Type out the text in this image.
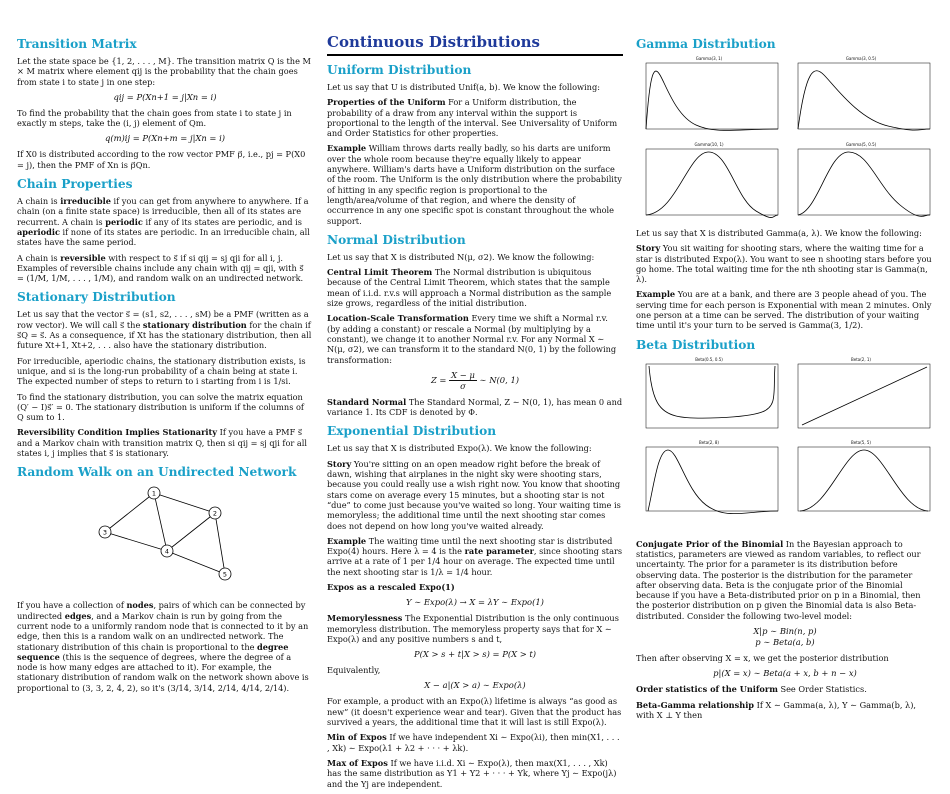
Transition Matrix

Let the state space be {1, 2, . . . , M}. The transition matrix Q is the M × M matrix where element qij is the probability that the chain goes from state i to state j in one step:

qij = P(Xn+1 = j|Xn = i)

To find the probability that the chain goes from state i to state j in exactly m steps, take the (i, j) element of Qm.

q(m)ij = P(Xn+m = j|Xn = i)

If X0 is distributed according to the row vector PMF p⃗, i.e., pj = P(X0 = j), then the PMF of Xn is p⃗Qn.

Chain Properties

A chain is irreducible if you can get from anywhere to anywhere. If a chain (on a finite state space) is irreducible, then all of its states are recurrent. A chain is periodic if any of its states are periodic, and is aperiodic if none of its states are periodic. In an irreducible chain, all states have the same period.

A chain is reversible with respect to s⃗ if si qij = sj qji for all i, j. Examples of reversible chains include any chain with qij = qji, with s⃗ = (1/M, 1/M, . . . , 1/M), and random walk on an undirected network.

Stationary Distribution

Let us say that the vector s⃗ = (s1, s2, . . . , sM) be a PMF (written as a row vector). We will call s⃗ the stationary distribution for the chain if s⃗Q = s⃗. As a consequence, if Xt has the stationary distribution, then all future Xt+1, Xt+2, . . . also have the stationary distribution.

For irreducible, aperiodic chains, the stationary distribution exists, is unique, and si is the long-run probability of a chain being at state i. The expected number of steps to return to i starting from i is 1/si.

To find the stationary distribution, you can solve the matrix equation (Q′ − I)s⃗′ = 0. The stationary distribution is uniform if the columns of Q sum to 1.

Reversibility Condition Implies Stationarity If you have a PMF s⃗ and a Markov chain with transition matrix Q, then si qij = sj qji for all states i, j implies that s⃗ is stationary.

Random Walk on an Undirected Network
1
2
3
4
5

If you have a collection of nodes, pairs of which can be connected by undirected edges, and a Markov chain is run by going from the current node to a uniformly random node that is connected to it by an edge, then this is a random walk on an undirected network. The stationary distribution of this chain is proportional to the degree sequence (this is the sequence of degrees, where the degree of a node is how many edges are attached to it). For example, the stationary distribution of random walk on the network shown above is proportional to (3, 3, 2, 4, 2), so it's (3/14, 3/14, 2/14, 4/14, 2/14).

Continuous Distributions
Uniform Distribution

Let us say that U is distributed Unif(a, b). We know the following:

Properties of the Uniform For a Uniform distribution, the probability of a draw from any interval within the support is proportional to the length of the interval. See Universality of Uniform and Order Statistics for other properties.

Example William throws darts really badly, so his darts are uniform over the whole room because they're equally likely to appear anywhere. William's darts have a Uniform distribution on the surface of the room. The Uniform is the only distribution where the probability of hitting in any specific region is proportional to the length/area/volume of that region, and where the density of occurrence in any one specific spot is constant throughout the whole support.

Normal Distribution

Let us say that X is distributed N(μ, σ2). We know the following:

Central Limit Theorem The Normal distribution is ubiquitous because of the Central Limit Theorem, which states that the sample mean of i.i.d. r.v.s will approach a Normal distribution as the sample size grows, regardless of the initial distribution.

Location-Scale Transformation Every time we shift a Normal r.v. (by adding a constant) or rescale a Normal (by multiplying by a constant), we change it to another Normal r.v. For any Normal X ∼ N(μ, σ2), we can transform it to the standard N(0, 1) by the following transformation:

$Z = \frac{X - \mu}{\sigma}$ ∼ N(0, 1)

Standard Normal The Standard Normal, Z ∼ N(0, 1), has mean 0 and variance 1. Its CDF is denoted by Φ.

Exponential Distribution

Let us say that X is distributed Expo(λ). We know the following:

Story You're sitting on an open meadow right before the break of dawn, wishing that airplanes in the night sky were shooting stars, because you could really use a wish right now. You know that shooting stars come on average every 15 minutes, but a shooting star is not “due” to come just because you've waited so long. Your waiting time is memoryless; the additional time until the next shooting star comes does not depend on how long you've waited already.

Example The waiting time until the next shooting star is distributed Expo(4) hours. Here λ = 4 is the rate parameter, since shooting stars arrive at a rate of 1 per 1/4 hour on average. The expected time until the next shooting star is 1/λ = 1/4 hour.

Expos as a rescaled Expo(1)

Y ∼ Expo(λ) → X = λY ∼ Expo(1)

Memorylessness The Exponential Distribution is the only continuous memoryless distribution. The memoryless property says that for X ∼ Expo(λ) and any positive numbers s and t,

P(X > s + t|X > s) = P(X > t)

Equivalently,

X − a|(X > a) ∼ Expo(λ)

For example, a product with an Expo(λ) lifetime is always “as good as new” (it doesn't experience wear and tear). Given that the product has survived a years, the additional time that it will last is still Expo(λ).

Min of Expos If we have independent Xi ∼ Expo(λi), then min(X1, . . . , Xk) ∼ Expo(λ1 + λ2 + · · · + λk).

Max of Expos If we have i.i.d. Xi ∼ Expo(λ), then max(X1, . . . , Xk) has the same distribution as Y1 + Y2 + · · · + Yk, where Yj ∼ Expo(jλ) and the Yj are independent.

Gamma Distribution
Gamma(3, 1)	Gamma(3, 0.5)
Gamma(10, 1)	Gamma(5, 0.5)

Let us say that X is distributed Gamma(a, λ). We know the following:

Story You sit waiting for shooting stars, where the waiting time for a star is distributed Expo(λ). You want to see n shooting stars before you go home. The total waiting time for the nth shooting star is Gamma(n, λ).

Example You are at a bank, and there are 3 people ahead of you. The serving time for each person is Exponential with mean 2 minutes. Only one person at a time can be served. The distribution of your waiting time until it's your turn to be served is Gamma(3, 1/2).

Beta Distribution
Beta(0.5, 0.5)	Beta(2, 1)
Beta(2, 8)	Beta(5, 5)

Conjugate Prior of the Binomial In the Bayesian approach to statistics, parameters are viewed as random variables, to reflect our uncertainty. The prior for a parameter is its distribution before observing data. The posterior is the distribution for the parameter after observing data. Beta is the conjugate prior of the Binomial because if you have a Beta-distributed prior on p in a Binomial, then the posterior distribution on p given the Binomial data is also Beta-distributed. Consider the following two-level model:

X|p ∼ Bin(n, p)
p ∼ Beta(a, b)

Then after observing X = x, we get the posterior distribution

p|(X = x) ∼ Beta(a + x, b + n − x)

Order statistics of the Uniform See Order Statistics.

Beta-Gamma relationship If X ∼ Gamma(a, λ), Y ∼ Gamma(b, λ), with X ⊥ Y then
